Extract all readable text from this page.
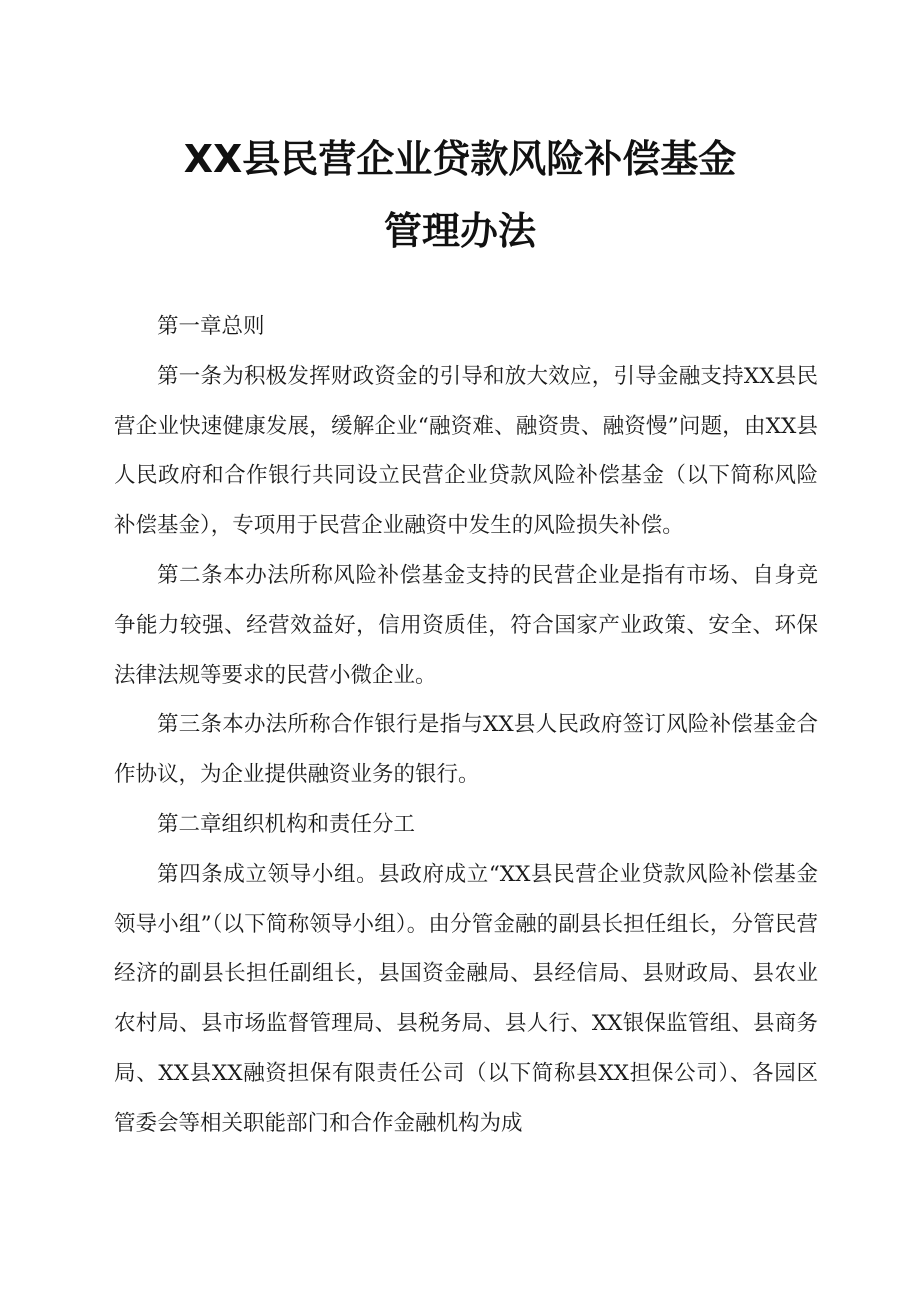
XX县民营企业贷款风险补偿基金
管理办法

第一章总则

第一条为积极发挥财政资金的引导和放大效应，引导金融支持XX县民营企业快速健康发展，缓解企业“融资难、融资贵、融资慢”问题，由XX县人民政府和合作银行共同设立民营企业贷款风险补偿基金（以下简称风险补偿基金），专项用于民营企业融资中发生的风险损失补偿。

第二条本办法所称风险补偿基金支持的民营企业是指有市场、自身竞争能力较强、经营效益好，信用资质佳，符合国家产业政策、安全、环保法律法规等要求的民营小微企业。

第三条本办法所称合作银行是指与XX县人民政府签订风险补偿基金合作协议，为企业提供融资业务的银行。

第二章组织机构和责任分工

第四条成立领导小组。县政府成立“XX县民营企业贷款风险补偿基金领导小组”（以下简称领导小组）。由分管金融的副县长担任组长，分管民营经济的副县长担任副组长，县国资金融局、县经信局、县财政局、县农业农村局、县市场监督管理局、县税务局、县人行、XX银保监管组、县商务局、XX县XX融资担保有限责任公司（以下简称县XX担保公司）、各园区管委会等相关职能部门和合作金融机构为成
